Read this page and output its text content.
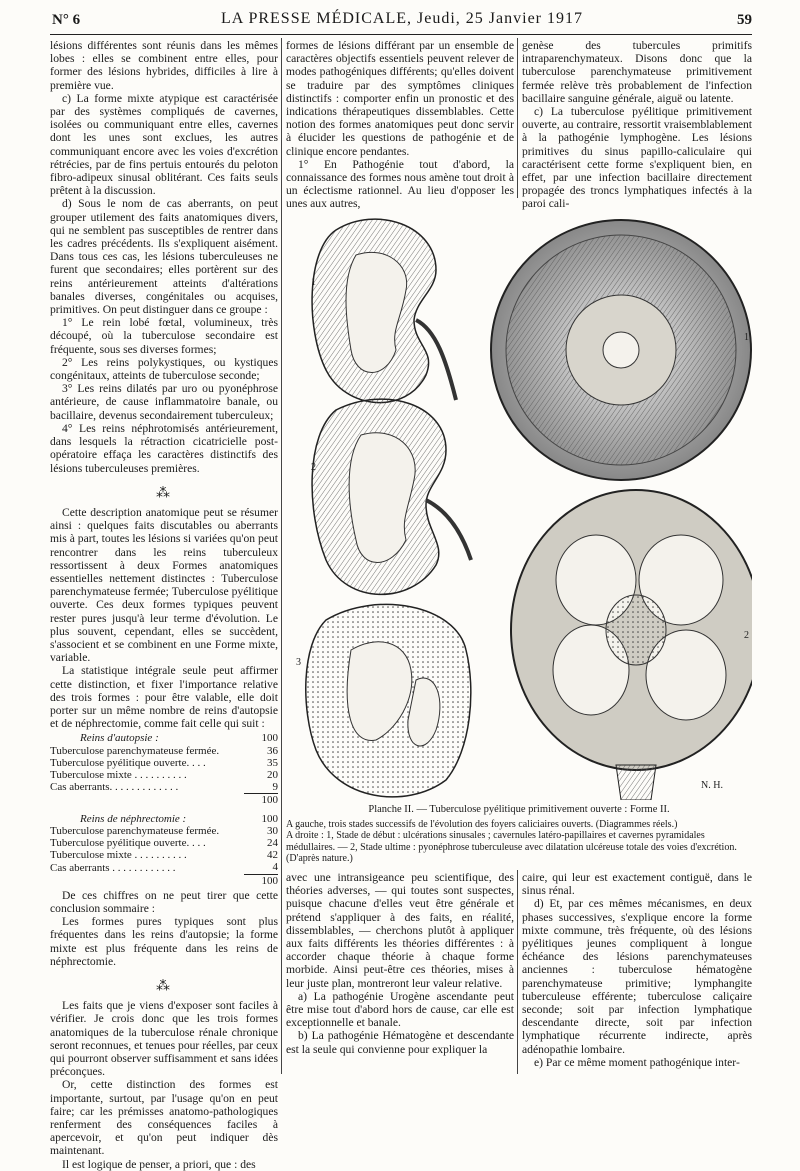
N° 6	LA PRESSE MÉDICALE, Jeudi, 25 Janvier 1917	59

lésions différentes sont réunis dans les mêmes lobes : elles se combinent entre elles, pour former des lésions hybrides, difficiles à lire à première vue.

c) La forme mixte atypique est caractérisée par des systèmes compliqués de cavernes, isolées ou communiquant entre elles, cavernes dont les unes sont exclues, les autres communiquant encore avec les voies d'excrétion rétrécies, par de fins pertuis entourés du peloton fibro-adipeux sinusal oblitérant. Ces faits seuls prêtent à la discussion.

d) Sous le nom de cas aberrants, on peut grouper utilement des faits anatomiques divers, qui ne semblent pas susceptibles de rentrer dans les cadres précédents. Ils s'expliquent aisément. Dans tous ces cas, les lésions tuberculeuses ne furent que secondaires; elles portèrent sur des reins antérieurement atteints d'altérations banales diverses, congénitales ou acquises, primitives. On peut distinguer dans ce groupe :

1° Le rein lobé fœtal, volumineux, très découpé, où la tuberculose secondaire est fréquente, sous ses diverses formes;

2° Les reins polykystiques, ou kystiques congénitaux, atteints de tuberculose seconde;

3° Les reins dilatés par uro ou pyonéphrose antérieure, de cause inflammatoire banale, ou bacillaire, devenus secondairement tuberculeux;

4° Les reins néphrotomisés antérieurement, dans lesquels la rétraction cicatricielle post-opératoire effaça les caractères distinctifs des lésions tuberculeuses premières.

⁂

Cette description anatomique peut se résumer ainsi : quelques faits discutables ou aberrants mis à part, toutes les lésions si variées qu'on peut rencontrer dans les reins tuberculeux ressortissent à deux Formes anatomiques essentielles nettement distinctes : Tuberculose parenchymateuse fermée; Tuberculose pyélitique ouverte. Ces deux formes typiques peuvent rester pures jusqu'à leur terme d'évolution. Le plus souvent, cependant, elles se succèdent, s'associent et se combinent en une Forme mixte, variable.

La statistique intégrale seule peut affirmer cette distinction, et fixer l'importance relative des trois formes : pour être valable, elle doit porter sur un même nombre de reins d'autopsie et de néphrectomie, comme fait celle qui suit :

Reins d'autopsie :	100
Tuberculose parenchymateuse fermée.	36
Tuberculose pyélitique ouverte. . . .	35
Tuberculose mixte . . . . . . . . . .	20
Cas aberrants. . . . . . . . . . . . .	9
	100
Reins de néphrectomie :	100
Tuberculose parenchymateuse fermée.	30
Tuberculose pyélitique ouverte. . . .	24
Tuberculose mixte . . . . . . . . . .	42
Cas aberrants . . . . . . . . . . . .	4
	100

De ces chiffres on ne peut tirer que cette conclusion sommaire :

Les formes pures typiques sont plus fréquentes dans les reins d'autopsie; la forme mixte est plus fréquente dans les reins de néphrectomie.

⁂

Les faits que je viens d'exposer sont faciles à vérifier. Je crois donc que les trois formes anatomiques de la tuberculose rénale chronique seront reconnues, et tenues pour réelles, par ceux qui pourront observer suffisamment et sans idées préconçues.

Or, cette distinction des formes est importante, surtout, par l'usage qu'on en peut faire; car les prémisses anatomo-pathologiques renferment des conséquences faciles à apercevoir, et qu'on peut indiquer dès maintenant.

Il est logique de penser, a priori, que : des

formes de lésions différant par un ensemble de caractères objectifs essentiels peuvent relever de modes pathogéniques différents; qu'elles doivent se traduire par des symptômes cliniques distinctifs : comporter enfin un pronostic et des indications thérapeutiques dissemblables. Cette notion des formes anatomiques peut donc servir à élucider les questions de pathogénie et de clinique encore pendantes.

1° En Pathogénie tout d'abord, la connaissance des formes nous amène tout droit à un éclectisme rationnel. Au lieu d'opposer les unes aux autres,

genèse des tubercules primitifs intraparenchymateux. Disons donc que la tuberculose parenchymateuse primitivement fermée relève très probablement de l'infection bacillaire sanguine générale, aiguë ou latente.

c) La tuberculose pyélitique primitivement ouverte, au contraire, ressortit vraisemblablement à la pathogénie lymphogène. Les lésions primitives du sinus papillo-caliculaire qui caractérisent cette forme s'expliquent bien, en effet, par une infection bacillaire directement propagée des troncs lymphatiques infectés à la paroi cali-

1
2
3
1
2
N. H.
Planche II. — Tuberculose pyélitique primitivement ouverte : Forme II.
A gauche, trois stades successifs de l'évolution des foyers caliciaires ouverts. (Diagrammes réels.)
A droite : 1, Stade de début : ulcérations sinusales ; cavernules latéro-papillaires et cavernes pyramidales médullaires. — 2, Stade ultime : pyonéphrose tuberculeuse avec dilatation ulcéreuse totale des voies d'excrétion. (D'après nature.)

avec une intransigeance peu scientifique, des théories adverses, — qui toutes sont suspectes, puisque chacune d'elles veut être générale et prétend s'appliquer à des faits, en réalité, dissemblables, — cherchons plutôt à appliquer aux faits différents les théories différentes : à accorder chaque théorie à chaque forme morbide. Ainsi peut-être ces théories, mises à leur juste plan, montreront leur valeur relative.

a) La pathogénie Urogène ascendante peut être mise tout d'abord hors de cause, car elle est exceptionnelle et banale.

b) La pathogénie Hématogène et descendante est la seule qui convienne pour expliquer la

caire, qui leur est exactement contiguë, dans le sinus rénal.

d) Et, par ces mêmes mécanismes, en deux phases successives, s'explique encore la forme mixte commune, très fréquente, où des lésions pyélitiques jeunes compliquent à longue échéance des lésions parenchymateuses anciennes : tuberculose hématogène parenchymateuse primitive; lymphangite tuberculeuse efférente; tuberculose caliçaire seconde; soit par infection lymphatique descendante directe, soit par infection lymphatique récurrente indirecte, après adénopathie lombaire.

e) Par ce même moment pathogénique inter-
